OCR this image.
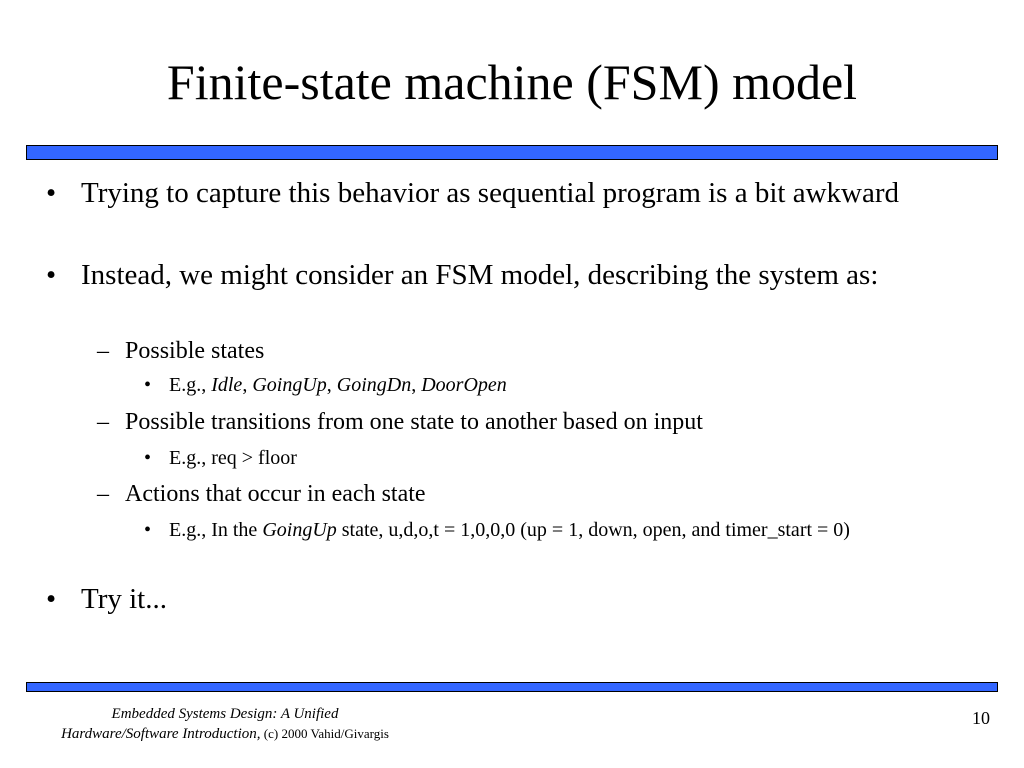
Finite-state machine (FSM) model
• Trying to capture this behavior as sequential program is a bit awkward
• Instead, we might consider an FSM model, describing the system as:
– Possible states
• E.g., Idle, GoingUp, GoingDn, DoorOpen
– Possible transitions from one state to another based on input
• E.g., req > floor
– Actions that occur in each state
• E.g., In the GoingUp state, u,d,o,t = 1,0,0,0 (up = 1, down, open, and timer_start = 0)
• Try it...
Embedded Systems Design: A Unified
Hardware/Software Introduction, (c) 2000 Vahid/Givargis
10
